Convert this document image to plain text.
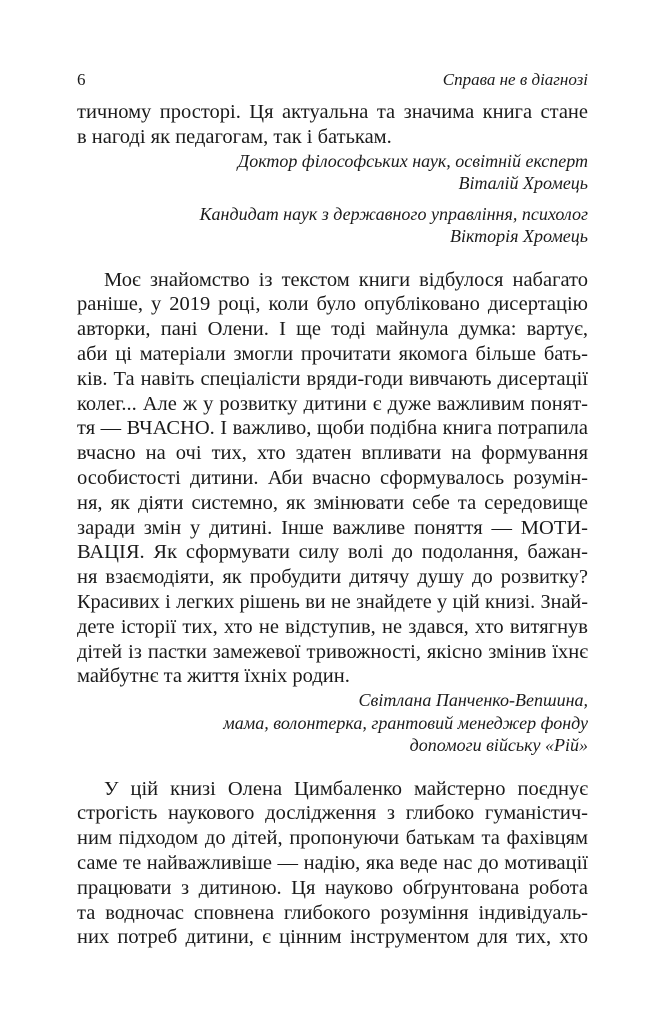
6	Справа не в діагнозі
тичному просторі. Ця актуальна та значима книга стане
в нагоді як педагогам, так і батькам.
Доктор філософських наук, освітній експерт
Віталій Хромець
Кандидат наук з державного управління, психолог
Вікторія Хромець
Моє знайомство із текстом книги відбулося набагато
раніше, у 2019 році, коли було опубліковано дисертацію
авторки, пані Олени. І ще тоді майнула думка: вартує,
аби ці матеріали змогли прочитати якомога більше бать-
ків. Та навіть спеціалісти вряди-годи вивчають дисертації
колег... Але ж у розвитку дитини є дуже важливим понят-
тя — ВЧАСНО. І важливо, щоби подібна книга потрапила
вчасно на очі тих, хто здатен впливати на формування
особистості дитини. Аби вчасно сформувалось розумін-
ня, як діяти системно, як змінювати себе та середовище
заради змін у дитині. Інше важливе поняття — МОТИ-
ВАЦІЯ. Як сформувати силу волі до подолання, бажан-
ня взаємодіяти, як пробудити дитячу душу до розвитку?
Красивих і легких рішень ви не знайдете у цій книзі. Знай-
дете історії тих, хто не відступив, не здався, хто витягнув
дітей із пастки замежевої тривожності, якісно змінив їхнє
майбутнє та життя їхніх родин.
Світлана Панченко-Вепшина,
мама, волонтерка, грантовий менеджер фонду
допомоги війську «Рій»
У цій книзі Олена Цимбаленко майстерно поєднує
строгість наукового дослідження з глибоко гуманістич-
ним підходом до дітей, пропонуючи батькам та фахівцям
саме те найважливіше — надію, яка веде нас до мотивації
працювати з дитиною. Ця науково обґрунтована робота
та водночас сповнена глибокого розуміння індивідуаль-
них потреб дитини, є цінним інструментом для тих, хто
